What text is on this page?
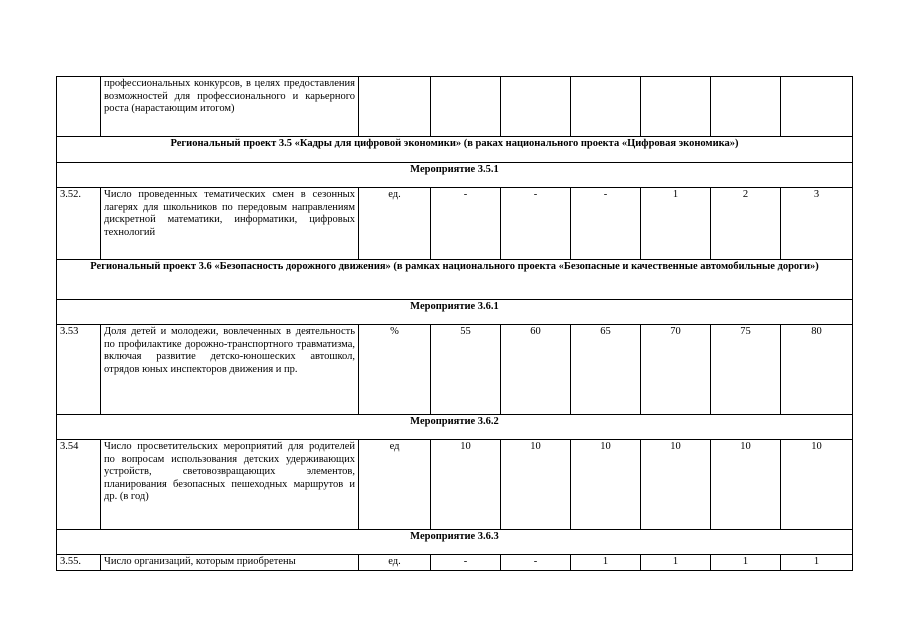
	профессиональных конкурсов, в целях предоставления возможностей для профессионального и карьерного роста (нарастающим итогом)							
Региональный проект 3.5 «Кадры для цифровой экономики» (в раках национального проекта «Цифровая экономика»)								
Мероприятие 3.5.1								
3.52.	Число проведенных тематических смен в сезонных лагерях для школьников по передовым направлениям дискретной математики, информатики, цифровых технологий	ед.	-	-	-	1	2	3
Региональный проект 3.6 «Безопасность дорожного движения» (в рамках национального проекта «Безопасные и качественные автомобильные дороги»)								
Мероприятие 3.6.1								
3.53	Доля детей и молодежи, вовлеченных в деятельность по профилактике дорожно-транспортного травматизма, включая развитие детско-юношеских автошкол, отрядов юных инспекторов движения и пр.	%	55	60	65	70	75	80
Мероприятие 3.6.2								
3.54	Число просветительских мероприятий для родителей по вопросам использования детских удерживающих устройств, световозвращающих элементов, планирования безопасных пешеходных маршрутов и др. (в год)	ед	10	10	10	10	10	10
Мероприятие 3.6.3								
3.55.	Число организаций, которым приобретены	ед.	-	-	1	1	1	1
